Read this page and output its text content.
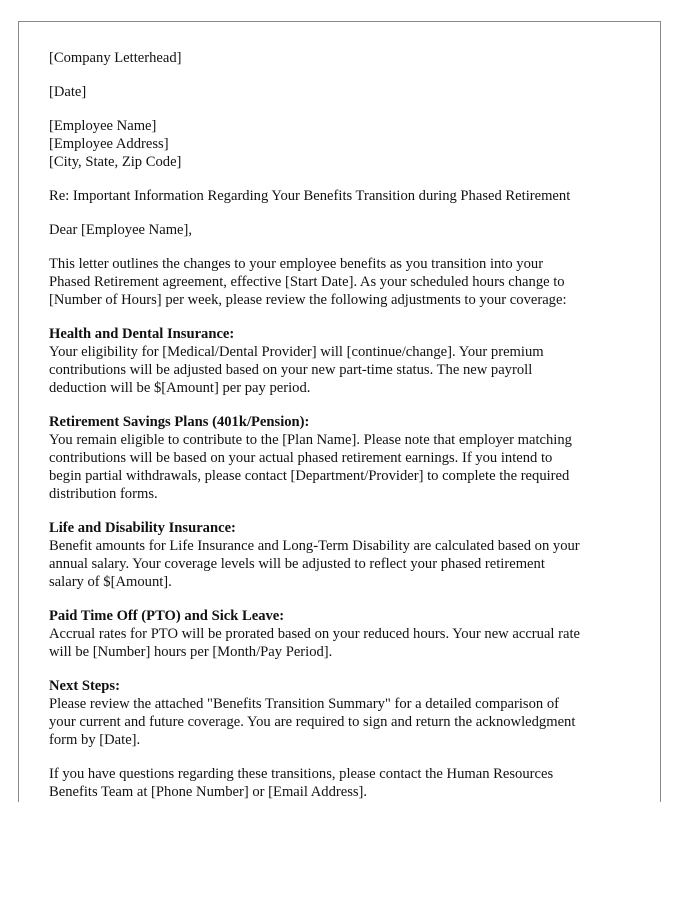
[Company Letterhead]

[Date]

[Employee Name]
[Employee Address]
[City, State, Zip Code]

Re: Important Information Regarding Your Benefits Transition during Phased Retirement

Dear [Employee Name],

This letter outlines the changes to your employee benefits as you transition into your
Phased Retirement agreement, effective [Start Date]. As your scheduled hours change to
[Number of Hours] per week, please review the following adjustments to your coverage:

Health and Dental Insurance:
Your eligibility for [Medical/Dental Provider] will [continue/change]. Your premium
contributions will be adjusted based on your new part-time status. The new payroll
deduction will be $[Amount] per pay period.
Retirement Savings Plans (401k/Pension):
You remain eligible to contribute to the [Plan Name]. Please note that employer matching
contributions will be based on your actual phased retirement earnings. If you intend to
begin partial withdrawals, please contact [Department/Provider] to complete the required
distribution forms.
Life and Disability Insurance:
Benefit amounts for Life Insurance and Long-Term Disability are calculated based on your
annual salary. Your coverage levels will be adjusted to reflect your phased retirement
salary of $[Amount].
Paid Time Off (PTO) and Sick Leave:
Accrual rates for PTO will be prorated based on your reduced hours. Your new accrual rate
will be [Number] hours per [Month/Pay Period].
Next Steps:
Please review the attached "Benefits Transition Summary" for a detailed comparison of
your current and future coverage. You are required to sign and return the acknowledgment
form by [Date].

If you have questions regarding these transitions, please contact the Human Resources
Benefits Team at [Phone Number] or [Email Address].
